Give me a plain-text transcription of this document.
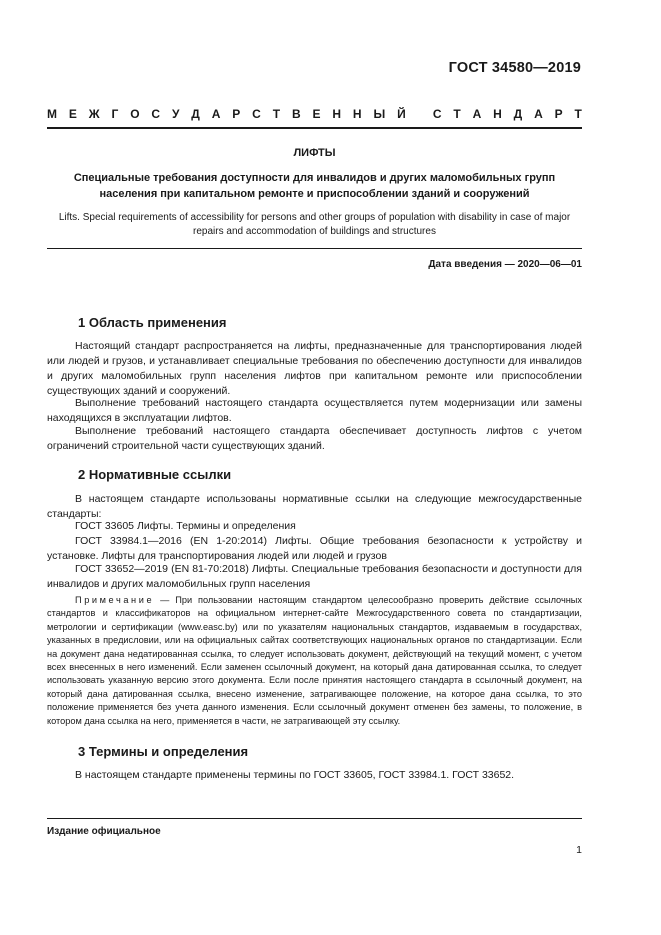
ГОСТ 34580—2019
М Е Ж Г О С У Д А Р С Т В Е Н Н Ы Й
С Т А Н Д А Р Т
ЛИФТЫ
Специальные требования доступности для инвалидов и других маломобильных групп населения при капитальном ремонте и приспособлении зданий и сооружений
Lifts. Special requirements of accessibility for persons and other groups of population with disability in case of major repairs and accommodation of buildings and structures
Дата введения — 2020—06—01
1 Область применения
Настоящий стандарт распространяется на лифты, предназначенные для транспортирования людей или людей и грузов, и устанавливает специальные требования по обеспечению доступности для инвалидов и других маломобильных групп населения лифтов при капитальном ремонте или приспособлении существующих зданий и сооружений.
Выполнение требований настоящего стандарта осуществляется путем модернизации или замены находящихся в эксплуатации лифтов.
Выполнение требований настоящего стандарта обеспечивает доступность лифтов с учетом ограничений строительной части существующих зданий.
2 Нормативные ссылки
В настоящем стандарте использованы нормативные ссылки на следующие межгосударственные стандарты:
ГОСТ 33605 Лифты. Термины и определения
ГОСТ 33984.1—2016 (EN 1-20:2014) Лифты. Общие требования безопасности к устройству и установке. Лифты для транспортирования людей или людей и грузов
ГОСТ 33652—2019 (EN 81-70:2018) Лифты. Специальные требования безопасности и доступности для инвалидов и других маломобильных групп населения
Примечание — При пользовании настоящим стандартом целесообразно проверить действие ссылочных стандартов и классификаторов на официальном интернет-сайте Межгосударственного совета по стандартизации, метрологии и сертификации (www.easc.by) или по указателям национальных стандартов, издаваемым в государствах, указанных в предисловии, или на официальных сайтах соответствующих национальных органов по стандартизации. Если на документ дана недатированная ссылка, то следует использовать документ, действующий на текущий момент, с учетом всех внесенных в него изменений. Если заменен ссылочный документ, на который дана датированная ссылка, то следует использовать указанную версию этого документа. Если после принятия настоящего стандарта в ссылочный документ, на который дана датированная ссылка, внесено изменение, затрагивающее положение, на которое дана ссылка, то это положение применяется без учета данного изменения. Если ссылочный документ отменен без замены, то положение, в котором дана ссылка на него, применяется в части, не затрагивающей эту ссылку.
3 Термины и определения
В настоящем стандарте применены термины по ГОСТ 33605, ГОСТ 33984.1. ГОСТ 33652.
Издание официальное
1
